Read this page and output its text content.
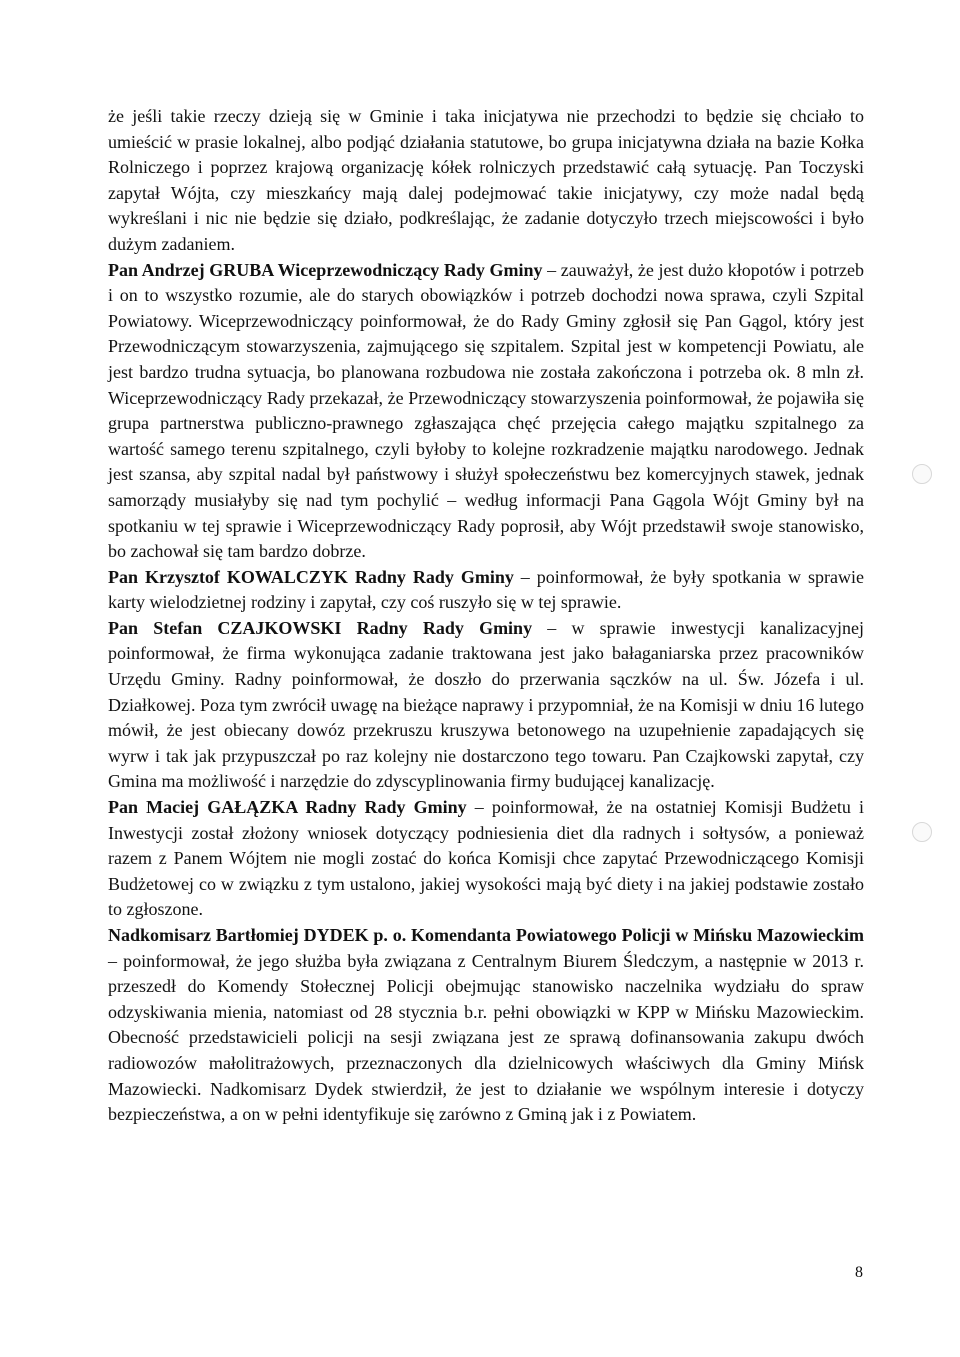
że jeśli takie rzeczy dzieją się w Gminie i taka inicjatywa nie przechodzi to będzie się chciało to umieścić w prasie lokalnej, albo podjąć działania statutowe, bo grupa inicjatywna działa na bazie Kołka Rolniczego i poprzez krajową organizację kółek rolniczych przedstawić całą sytuację. Pan Toczyski zapytał Wójta, czy mieszkańcy mają dalej podejmować takie inicjatywy, czy może nadal będą wykreślani i nic nie będzie się działo, podkreślając, że zadanie dotyczyło trzech miejscowości i było dużym zadaniem.

Pan Andrzej GRUBA Wiceprzewodniczący Rady Gminy – zauważył, że jest dużo kłopotów i potrzeb i on to wszystko rozumie, ale do starych obowiązków i potrzeb dochodzi nowa sprawa, czyli Szpital Powiatowy. Wiceprzewodniczący poinformował, że do Rady Gminy zgłosił się Pan Gągol, który jest Przewodniczącym stowarzyszenia, zajmującego się szpitalem. Szpital jest w kompetencji Powiatu, ale jest bardzo trudna sytuacja, bo planowana rozbudowa nie została zakończona i potrzeba ok. 8 mln zł. Wiceprzewodniczący Rady przekazał, że Przewodniczący stowarzyszenia poinformował, że pojawiła się grupa partnerstwa publiczno-prawnego zgłaszająca chęć przejęcia całego majątku szpitalnego za wartość samego terenu szpitalnego, czyli byłoby to kolejne rozkradzenie majątku narodowego. Jednak jest szansa, aby szpital nadal był państwowy i służył społeczeństwu bez komercyjnych stawek, jednak samorządy musiałyby się nad tym pochylić – według informacji Pana Gągola Wójt Gminy był na spotkaniu w tej sprawie i Wiceprzewodniczący Rady poprosił, aby Wójt przedstawił swoje stanowisko, bo zachował się tam bardzo dobrze.

Pan Krzysztof KOWALCZYK Radny Rady Gminy – poinformował, że były spotkania w sprawie karty wielodzietnej rodziny i zapytał, czy coś ruszyło się w tej sprawie.

Pan Stefan CZAJKOWSKI Radny Rady Gminy – w sprawie inwestycji kanalizacyjnej poinformował, że firma wykonująca zadanie traktowana jest jako bałaganiarska przez pracowników Urzędu Gminy. Radny poinformował, że doszło do przerwania sączków na ul. Św. Józefa i ul. Działkowej. Poza tym zwrócił uwagę na bieżące naprawy i przypomniał, że na Komisji w dniu 16 lutego mówił, że jest obiecany dowóz przekruszu kruszywa betonowego na uzupełnienie zapadających się wyrw i tak jak przypuszczał po raz kolejny nie dostarczono tego towaru. Pan Czajkowski zapytał, czy Gmina ma możliwość i narzędzie do zdyscyplinowania firmy budującej kanalizację.

Pan Maciej GAŁĄZKA Radny Rady Gminy – poinformował, że na ostatniej Komisji Budżetu i Inwestycji został złożony wniosek dotyczący podniesienia diet dla radnych i sołtysów, a ponieważ razem z Panem Wójtem nie mogli zostać do końca Komisji chce zapytać Przewodniczącego Komisji Budżetowej co w związku z tym ustalono, jakiej wysokości mają być diety i na jakiej podstawie zostało to zgłoszone.

Nadkomisarz Bartłomiej DYDEK p. o. Komendanta Powiatowego Policji w Mińsku Mazowieckim – poinformował, że jego służba była związana z Centralnym Biurem Śledczym, a następnie w 2013 r. przeszedł do Komendy Stołecznej Policji obejmując stanowisko naczelnika wydziału do spraw odzyskiwania mienia, natomiast od 28 stycznia b.r. pełni obowiązki w KPP w Mińsku Mazowieckim. Obecność przedstawicieli policji na sesji związana jest ze sprawą dofinansowania zakupu dwóch radiowozów małolitrażowych, przeznaczonych dla dzielnicowych właściwych dla Gminy Mińsk Mazowiecki. Nadkomisarz Dydek stwierdził, że jest to działanie we wspólnym interesie i dotyczy bezpieczeństwa, a on w pełni identyfikuje się zarówno z Gminą jak i z Powiatem.

8
